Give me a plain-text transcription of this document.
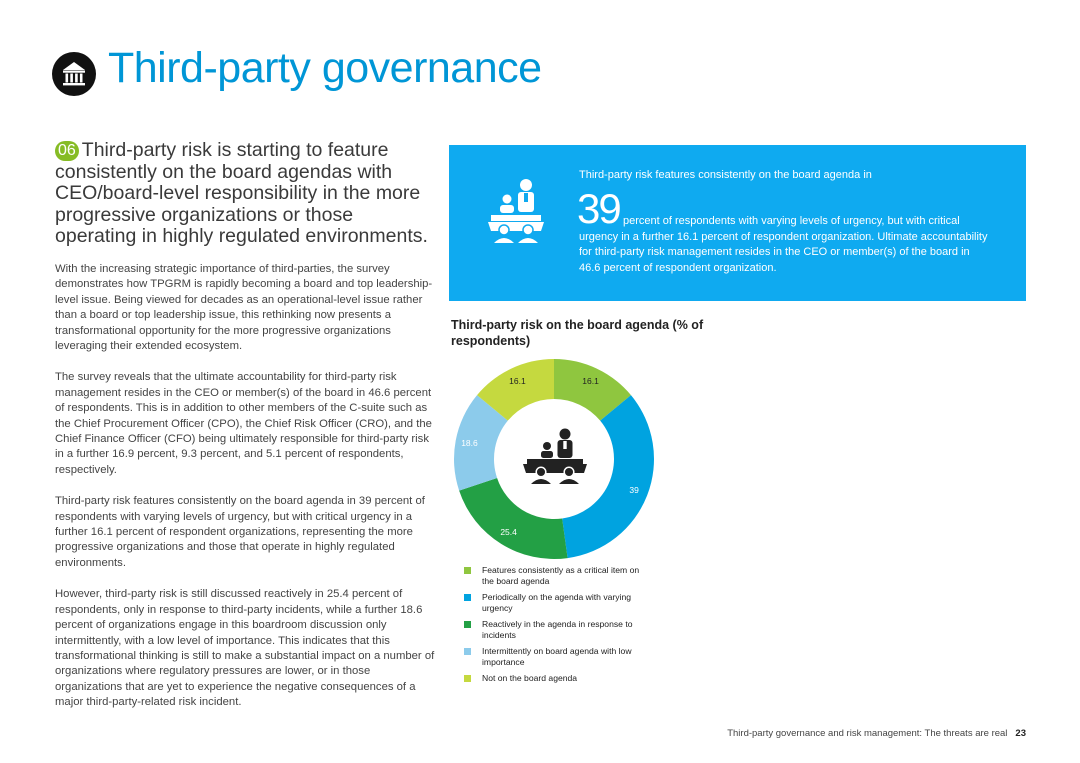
Third-party governance

06 Third-party risk is starting to feature consistently on the board agendas with CEO/board-level responsibility in the more progressive organizations or those operating in highly regulated environments.

With the increasing strategic importance of third-parties, the survey demonstrates how TPGRM is rapidly becoming a board and top leadership-level issue. Being viewed for decades as an operational-level issue rather than a board or top leadership issue, this rethinking now presents a transformational opportunity for the more progressive organizations leveraging their extended ecosystem.

The survey reveals that the ultimate accountability for third-party risk management resides in the CEO or member(s) of the board in 46.6 percent of respondents. This is in addition to other members of the C-suite such as the Chief Procurement Officer (CPO), the Chief Risk Officer (CRO), and the Chief Finance Officer (CFO) being ultimately responsible for third-party risk in a further 16.9 percent, 9.3 percent, and 5.1 percent of respondents, respectively.

Third-party risk features consistently on the board agenda in 39 percent of respondents with varying levels of urgency, but with critical urgency in a further 16.1 percent of respondent organizations, representing the more progressive organizations and those that operate in highly regulated environments.

However, third-party risk is still discussed reactively in 25.4 percent of respondents, only in response to third-party incidents, while a further 18.6 percent of organizations engage in this boardroom discussion only intermittently, with a low level of importance. This indicates that this transformational thinking is still to make a substantial impact on a number of organizations where regulatory pressures are lower, or in those organizations that are yet to experience the negative consequences of a major third-party-related risk incident.

Third-party risk features consistently on the board agenda in
39 percent of respondents with varying levels of urgency, but with critical urgency in a further 16.1 percent of respondent organization. Ultimate accountability for third-party risk management resides in the CEO or member(s) of the board in 46.6 percent of respondent organization.

Third-party risk on the board agenda (% of respondents)

16.1
39
25.4
18.6
16.1
Features consistently as a critical item on the board agenda
Periodically on the agenda with varying urgency
Reactively in the agenda in response to incidents
Intermittently on board agenda with low importance
Not on the board agenda
Third-party governance and risk management: The threats are real 23
